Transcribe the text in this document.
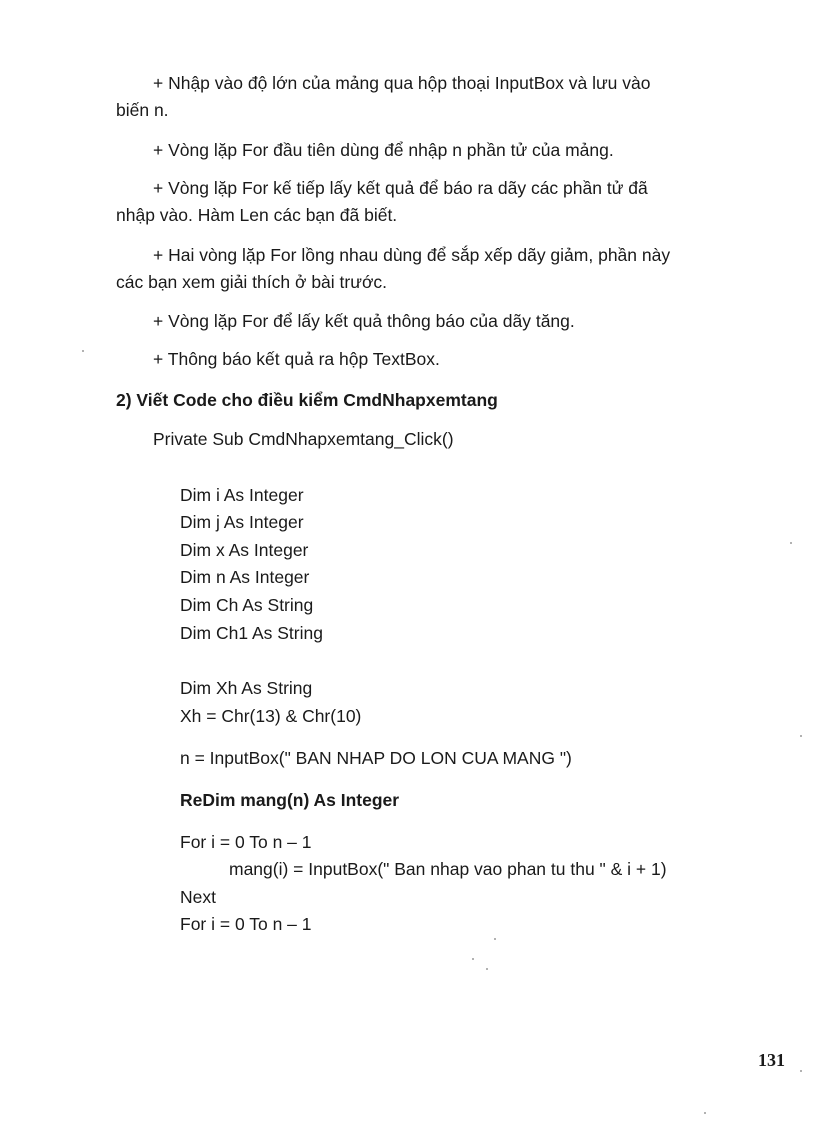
+ Nhập vào độ lớn của mảng qua hộp thoại InputBox và lưu vào
biến n.
+ Vòng lặp For đầu tiên dùng để nhập n phần tử của mảng.
+ Vòng lặp For kế tiếp lấy kết quả để báo ra dãy các phần tử đã
nhập vào. Hàm Len các bạn đã biết.
+ Hai vòng lặp For lồng nhau dùng để sắp xếp dãy giảm, phần này
các bạn xem giải thích ở bài trước.
+ Vòng lặp For để lấy kết quả thông báo của dãy tăng.
+ Thông báo kết quả ra hộp TextBox.
2) Viết Code cho điều kiểm CmdNhapxemtang
Private Sub CmdNhapxemtang_Click()
Dim i As Integer
Dim j As Integer
Dim x As Integer
Dim n As Integer
Dim Ch As String
Dim Ch1 As String
Dim Xh As String
Xh = Chr(13) & Chr(10)
n = InputBox(" BAN NHAP DO LON CUA MANG ")
ReDim mang(n) As Integer
For i = 0 To n – 1
mang(i) = InputBox(" Ban nhap vao phan tu thu " & i + 1)
Next
For i = 0 To n – 1
131
